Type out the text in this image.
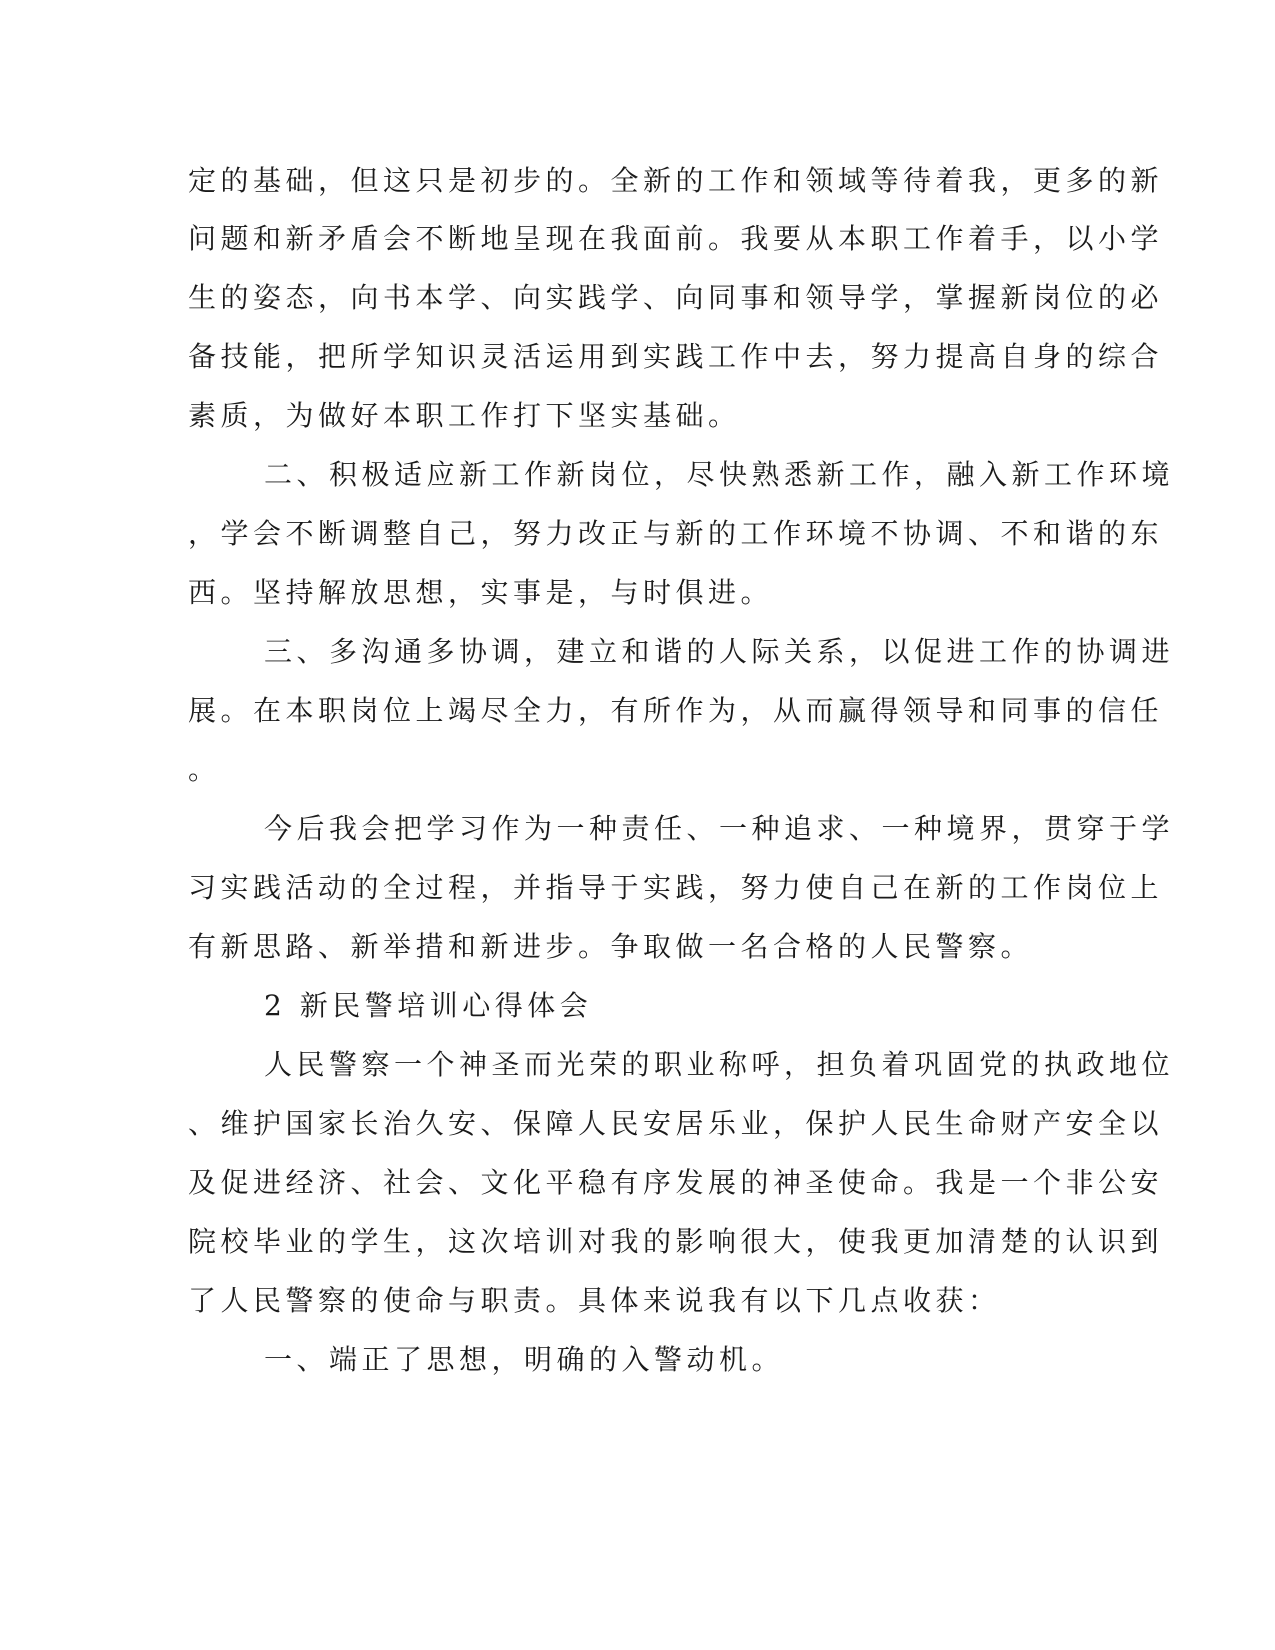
定的基础，但这只是初步的。全新的工作和领域等待着我，更多的新
问题和新矛盾会不断地呈现在我面前。我要从本职工作着手，以小学
生的姿态，向书本学、向实践学、向同事和领导学，掌握新岗位的必
备技能，把所学知识灵活运用到实践工作中去，努力提高自身的综合
素质，为做好本职工作打下坚实基础。
二、积极适应新工作新岗位，尽快熟悉新工作，融入新工作环境
，学会不断调整自己，努力改正与新的工作环境不协调、不和谐的东
西。坚持解放思想，实事是，与时俱进。
三、多沟通多协调，建立和谐的人际关系，以促进工作的协调进
展。在本职岗位上竭尽全力，有所作为，从而赢得领导和同事的信任
。
今后我会把学习作为一种责任、一种追求、一种境界，贯穿于学
习实践活动的全过程，并指导于实践，努力使自己在新的工作岗位上
有新思路、新举措和新进步。争取做一名合格的人民警察。
2 新民警培训心得体会
人民警察一个神圣而光荣的职业称呼，担负着巩固党的执政地位
、维护国家长治久安、保障人民安居乐业，保护人民生命财产安全以
及促进经济、社会、文化平稳有序发展的神圣使命。我是一个非公安
院校毕业的学生，这次培训对我的影响很大，使我更加清楚的认识到
了人民警察的使命与职责。具体来说我有以下几点收获：
一、端正了思想，明确的入警动机。
